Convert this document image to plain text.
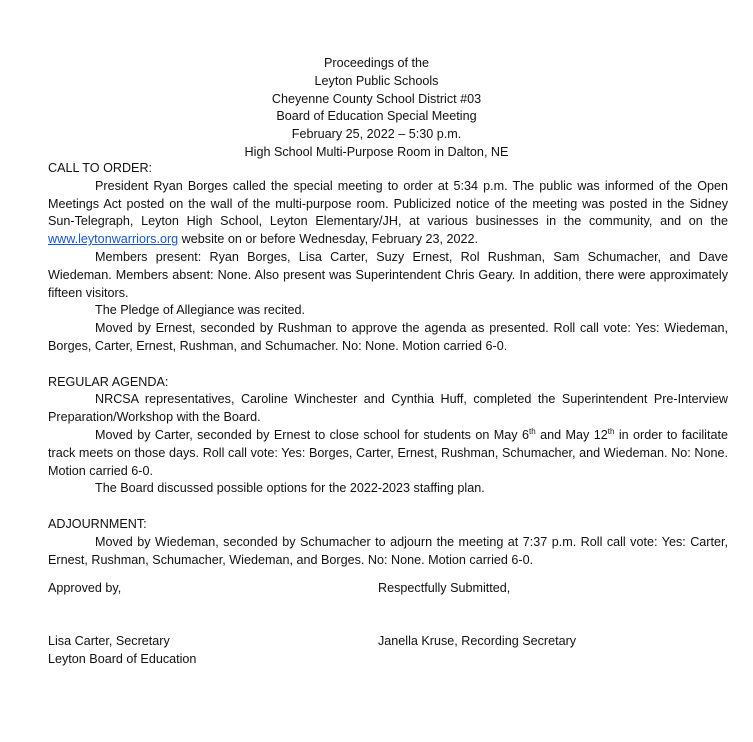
Proceedings of the
Leyton Public Schools
Cheyenne County School District #03
Board of Education Special Meeting
February 25, 2022 – 5:30 p.m.
High School Multi-Purpose Room in Dalton, NE
CALL TO ORDER:
President Ryan Borges called the special meeting to order at 5:34 p.m. The public was informed of the Open Meetings Act posted on the wall of the multi-purpose room. Publicized notice of the meeting was posted in the Sidney Sun-Telegraph, Leyton High School, Leyton Elementary/JH, at various businesses in the community, and on the www.leytonwarriors.org website on or before Wednesday, February 23, 2022.
Members present: Ryan Borges, Lisa Carter, Suzy Ernest, Rol Rushman, Sam Schumacher, and Dave Wiedeman. Members absent: None. Also present was Superintendent Chris Geary. In addition, there were approximately fifteen visitors.
The Pledge of Allegiance was recited.
Moved by Ernest, seconded by Rushman to approve the agenda as presented. Roll call vote: Yes: Wiedeman, Borges, Carter, Ernest, Rushman, and Schumacher. No: None. Motion carried 6-0.
REGULAR AGENDA:
NRCSA representatives, Caroline Winchester and Cynthia Huff, completed the Superintendent Pre-Interview Preparation/Workshop with the Board.
Moved by Carter, seconded by Ernest to close school for students on May 6th and May 12th in order to facilitate track meets on those days. Roll call vote: Yes: Borges, Carter, Ernest, Rushman, Schumacher, and Wiedeman. No: None. Motion carried 6-0.
The Board discussed possible options for the 2022-2023 staffing plan.
ADJOURNMENT:
Moved by Wiedeman, seconded by Schumacher to adjourn the meeting at 7:37 p.m. Roll call vote: Yes: Carter, Ernest, Rushman, Schumacher, Wiedeman, and Borges. No: None. Motion carried 6-0.
Approved by,	Respectfully Submitted,
Lisa Carter, Secretary
Leyton Board of Education
Janella Kruse, Recording Secretary
